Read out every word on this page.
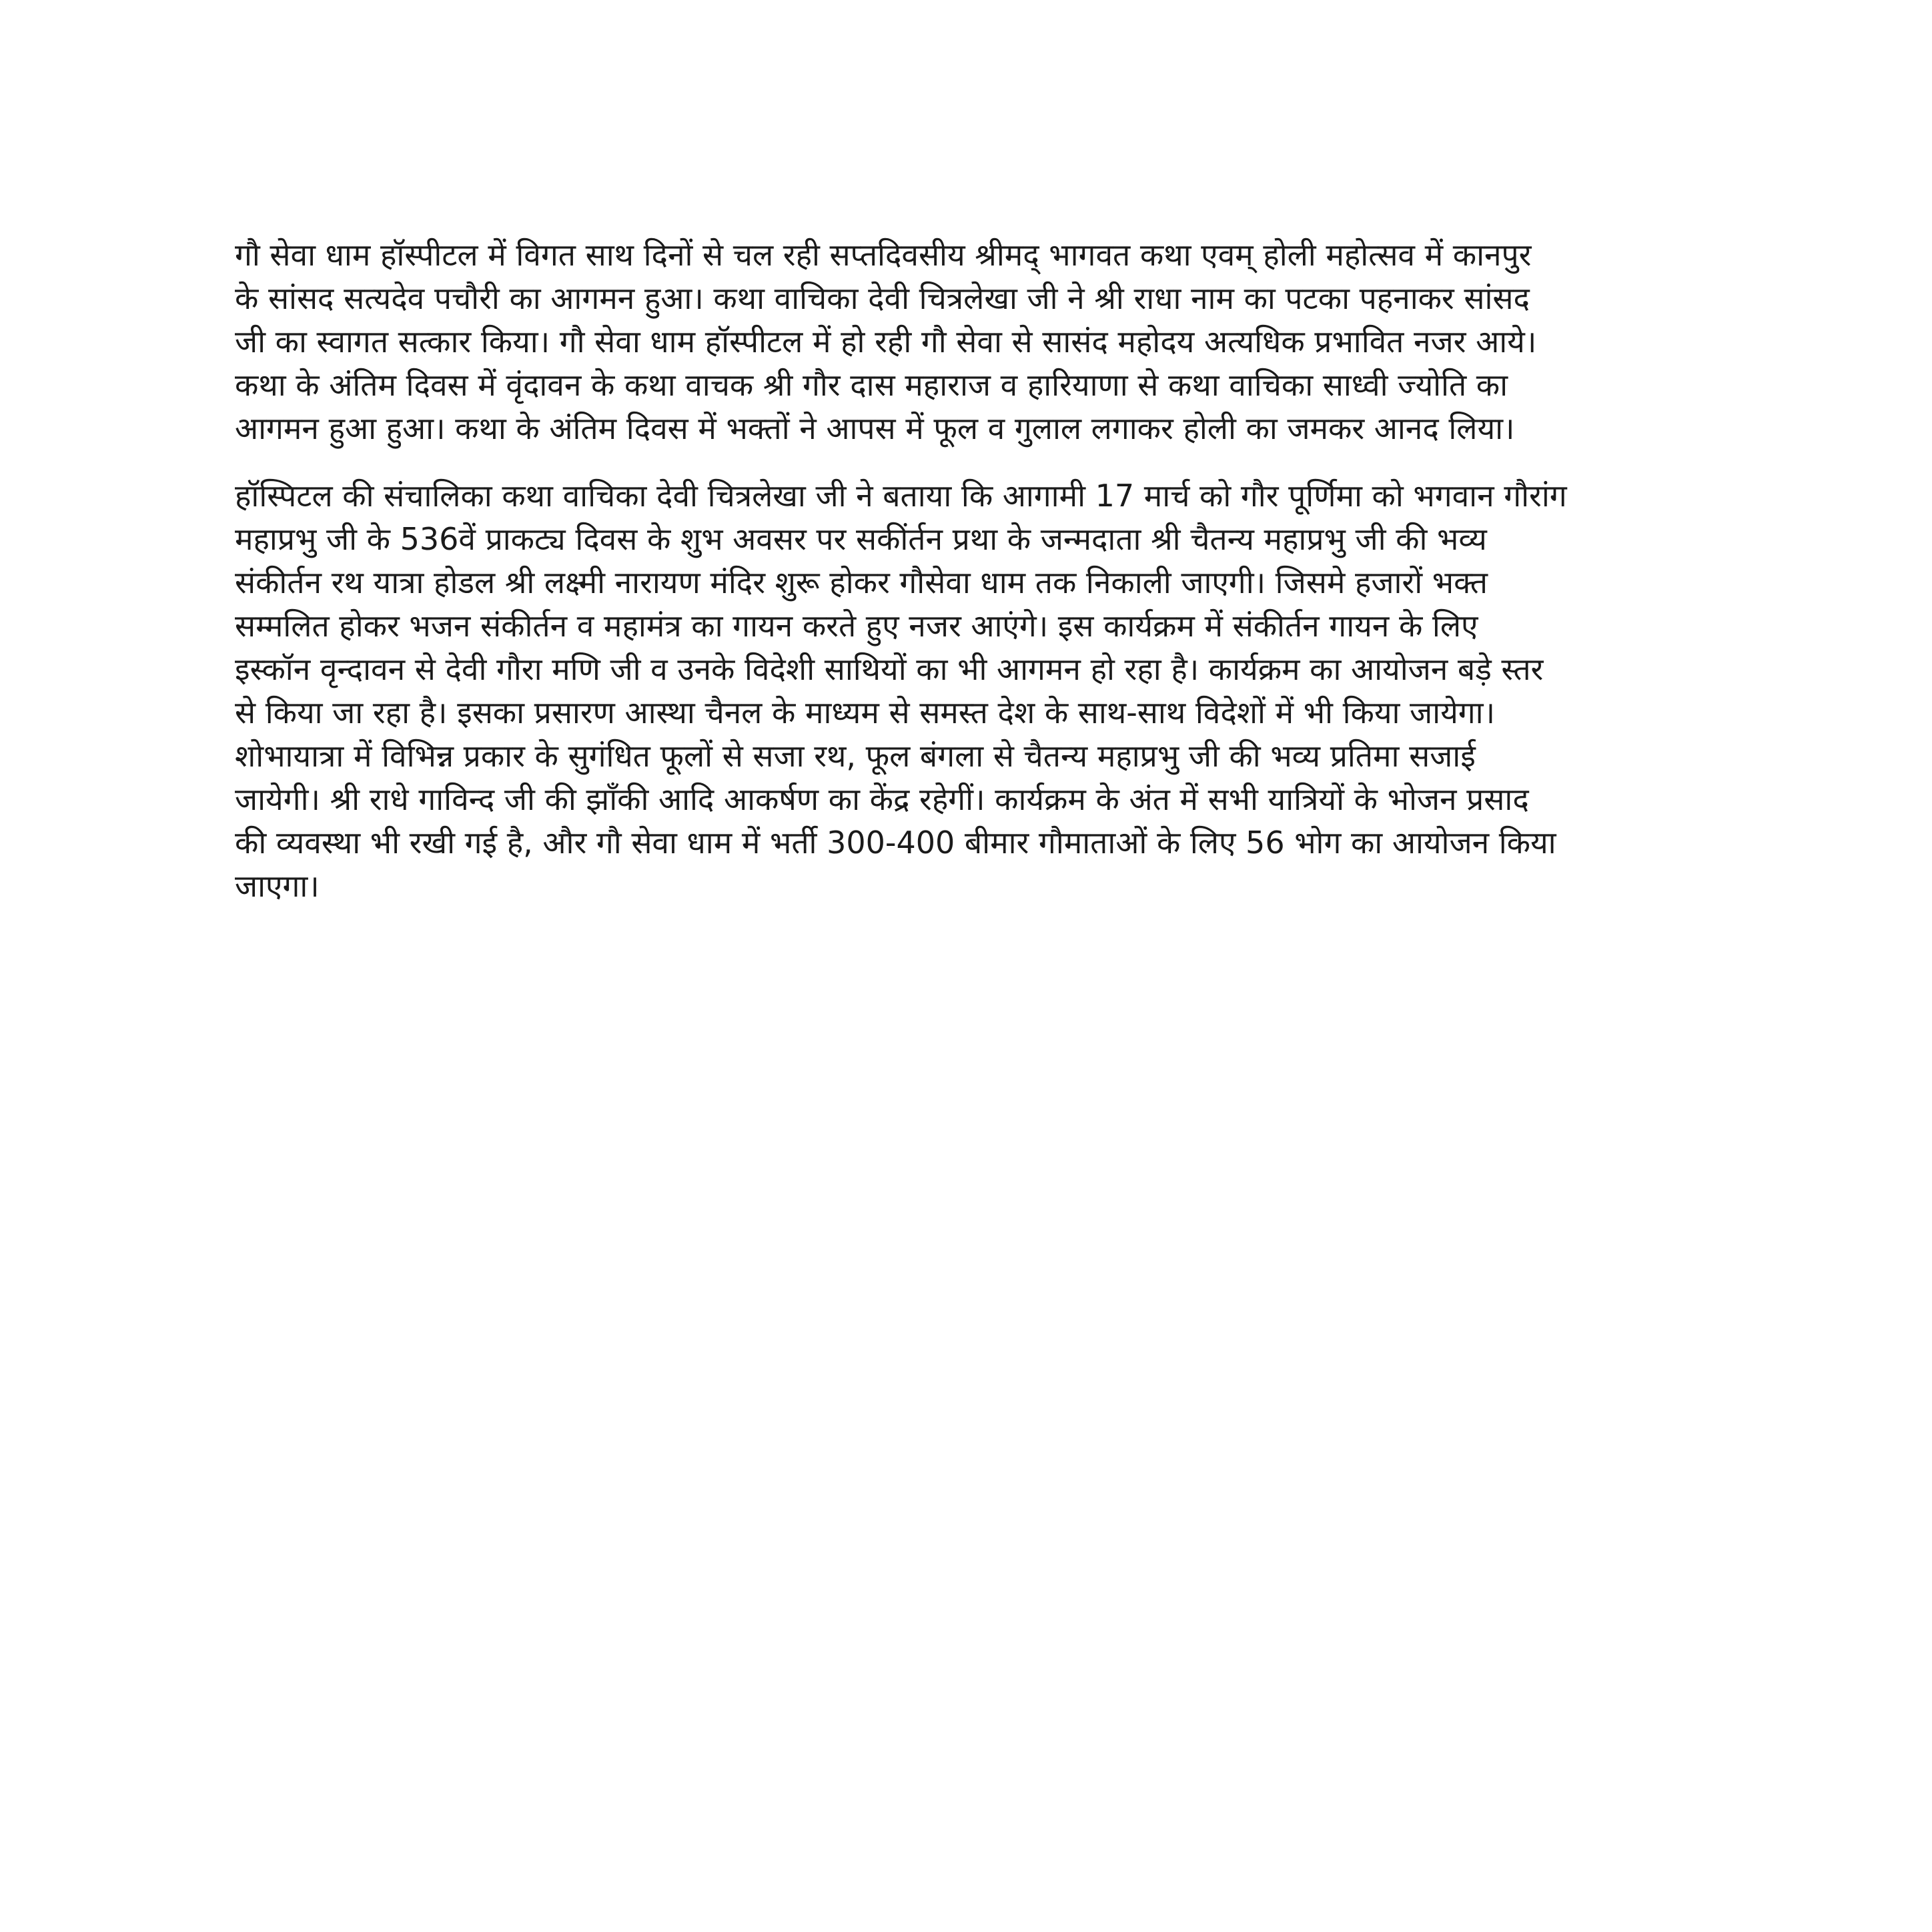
गौ सेवा धाम हॉस्पीटल में विगत साथ दिनों से चल रही सप्तदिवसीय श्रीमद् भागवत कथा एवम् होली महोत्सव में कानपुर
के सांसद सत्यदेव पचौरी का आगमन हुआ। कथा वाचिका देवी चित्रलेखा जी ने श्री राधा नाम का पटका पहनाकर सांसद
जी का स्वागत सत्कार किया। गौ सेवा धाम हॉस्पीटल में हो रही गौ सेवा से सासंद महोदय अत्यधिक प्रभावित नजर आये।
कथा के अंतिम दिवस में वृंदावन के कथा वाचक श्री गौर दास महाराज व हारियाणा से कथा वाचिका साध्वी ज्योति का
आगमन हुआ हुआ। कथा के अंतिम दिवस में भक्तों ने आपस में फूल व गुलाल लगाकर होली का जमकर आनद लिया।

हॉस्पिटल की संचालिका कथा वाचिका देवी चित्रलेखा जी ने बताया कि आगामी 17 मार्च को गौर पूर्णिमा को भगवान गौरांग
महाप्रभु जी के 536वें प्राकट्य दिवस के शुभ अवसर पर सकींर्तन प्रथा के जन्मदाता श्री चैतन्य महाप्रभु जी की भव्य
संकीर्तन रथ यात्रा होडल श्री लक्ष्मी नारायण मंदिर शुरू होकर गौसेवा धाम तक निकाली जाएगी। जिसमे हजारों भक्त
सम्मलित होकर भजन संकीर्तन व महामंत्र का गायन करते हुए नजर आएंगे। इस कार्यक्रम में संकीर्तन गायन के लिए
इस्कॉन वृन्दावन से देवी गौरा मणि जी व उनके विदेशी साथियों का भी आगमन हो रहा है। कार्यक्रम का आयोजन बड़े स्तर
से किया जा रहा है। इसका प्रसारण आस्था चैनल के माध्यम से समस्त देश के साथ-साथ विदेशों में भी किया जायेगा।
शोभायात्रा में विभिन्न प्रकार के सुगंधित फूलों से सजा रथ, फूल बंगला से चैतन्य महाप्रभु जी की भव्य प्रतिमा सजाई
जायेगी। श्री राधे गाविन्द जी की झाँकी आदि आकर्षण का केंद्र रहेगीं। कार्यक्रम के अंत में सभी यात्रियों के भोजन प्रसाद
की व्यवस्था भी रखी गई है, और गौ सेवा धाम में भर्ती 300-400 बीमार गौमाताओं के लिए 56 भोग का आयोजन किया
जाएगा।
